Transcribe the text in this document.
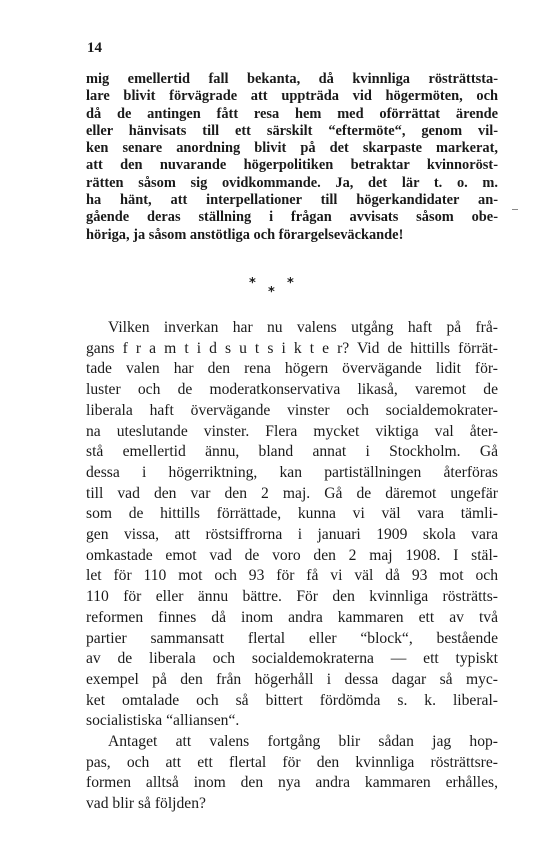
14
mig emellertid fall bekanta, då kvinnliga rösträttsta-
lare blivit förvägrade att uppträda vid högermöten, och
då de antingen fått resa hem med oförrättat ärende
eller hänvisats till ett särskilt “eftermöte“, genom vil-
ken senare anordning blivit på det skarpaste markerat,
att den nuvarande högerpolitiken betraktar kvinnoröst-
rätten såsom sig ovidkommande. Ja, det lär t. o. m.
ha hänt, att interpellationer till högerkandidater an-
gående deras ställning i frågan avvisats såsom obe-
höriga, ja såsom anstötliga och förargelseväckande!
*
*
*
Vilken inverkan har nu valens utgång haft på frå-
gans f r a m t i d s u t s i k t e r? Vid de hittills förrät-
tade valen har den rena högern övervägande lidit för-
luster och de moderatkonservativa likaså, varemot de
liberala haft övervägande vinster och socialdemokrater-
na uteslutande vinster. Flera mycket viktiga val åter-
stå emellertid ännu, bland annat i Stockholm. Gå
dessa i högerriktning, kan partiställningen återföras
till vad den var den 2 maj. Gå de däremot ungefär
som de hittills förrättade, kunna vi väl vara tämli-
gen vissa, att röstsiffrorna i januari 1909 skola vara
omkastade emot vad de voro den 2 maj 1908. I stäl-
let för 110 mot och 93 för få vi väl då 93 mot och
110 för eller ännu bättre. För den kvinnliga rösträtts-
reformen finnes då inom andra kammaren ett av två
partier sammansatt flertal eller “block“, bestående
av de liberala och socialdemokraterna — ett typiskt
exempel på den från högerhåll i dessa dagar så myc-
ket omtalade och så bittert fördömda s. k. liberal-
socialistiska “alliansen“.
Antaget att valens fortgång blir sådan jag hop-
pas, och att ett flertal för den kvinnliga rösträttsre-
formen alltså inom den nya andra kammaren erhålles,
vad blir så följden?
